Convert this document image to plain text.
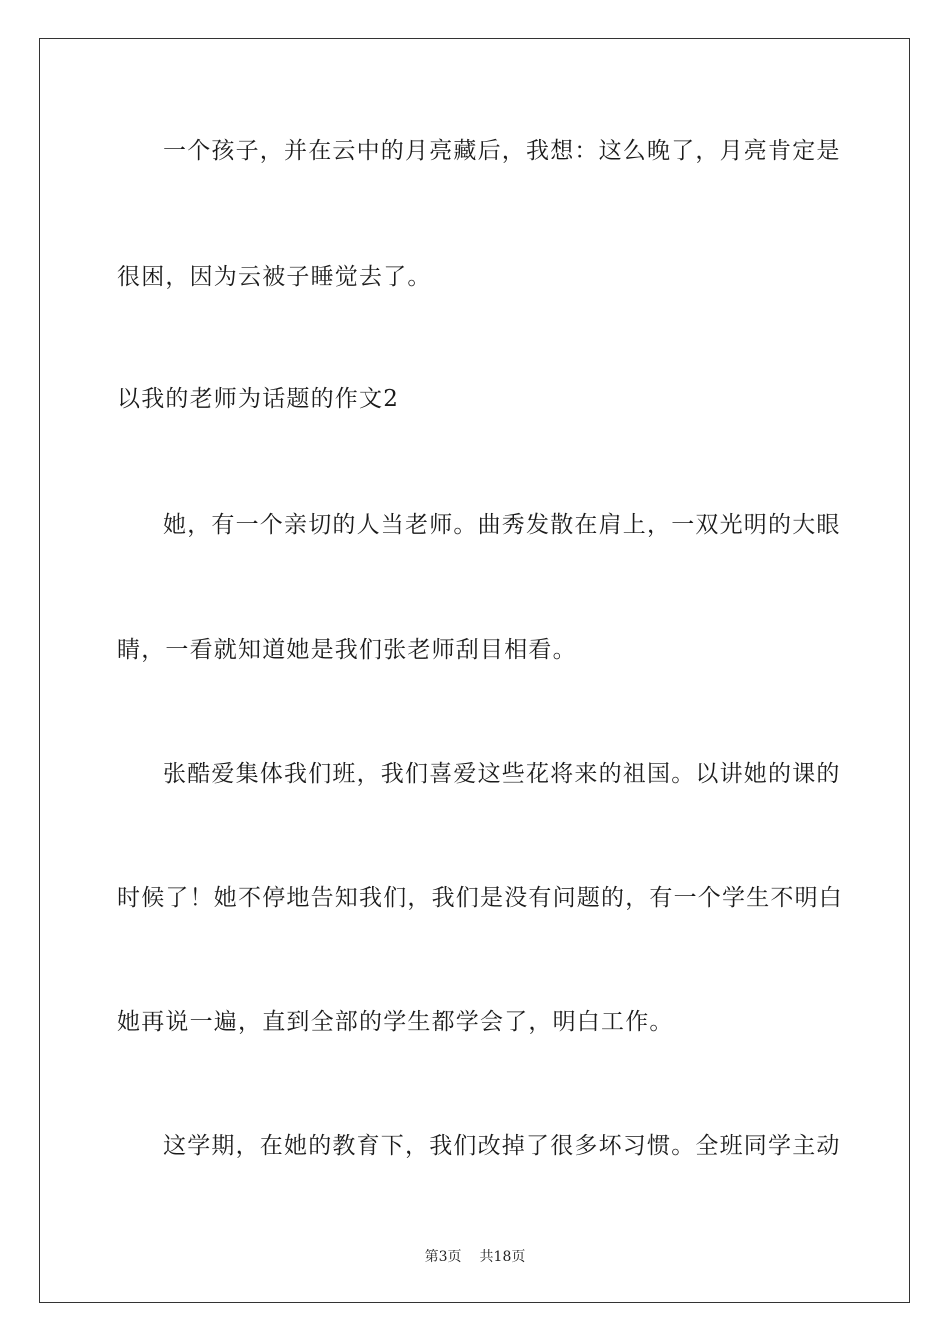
一个孩子，并在云中的月亮藏后，我想：这么晚了，月亮肯定是
很困，因为云被子睡觉去了。
以我的老师为话题的作文2
她，有一个亲切的人当老师。曲秀发散在肩上，一双光明的大眼
睛，一看就知道她是我们张老师刮目相看。
张酷爱集体我们班，我们喜爱这些花将来的祖国。以讲她的课的
时候了！她不停地告知我们，我们是没有问题的，有一个学生不明白
她再说一遍，直到全部的学生都学会了，明白工作。
这学期，在她的教育下，我们改掉了很多坏习惯。全班同学主动
第3页 共18页
